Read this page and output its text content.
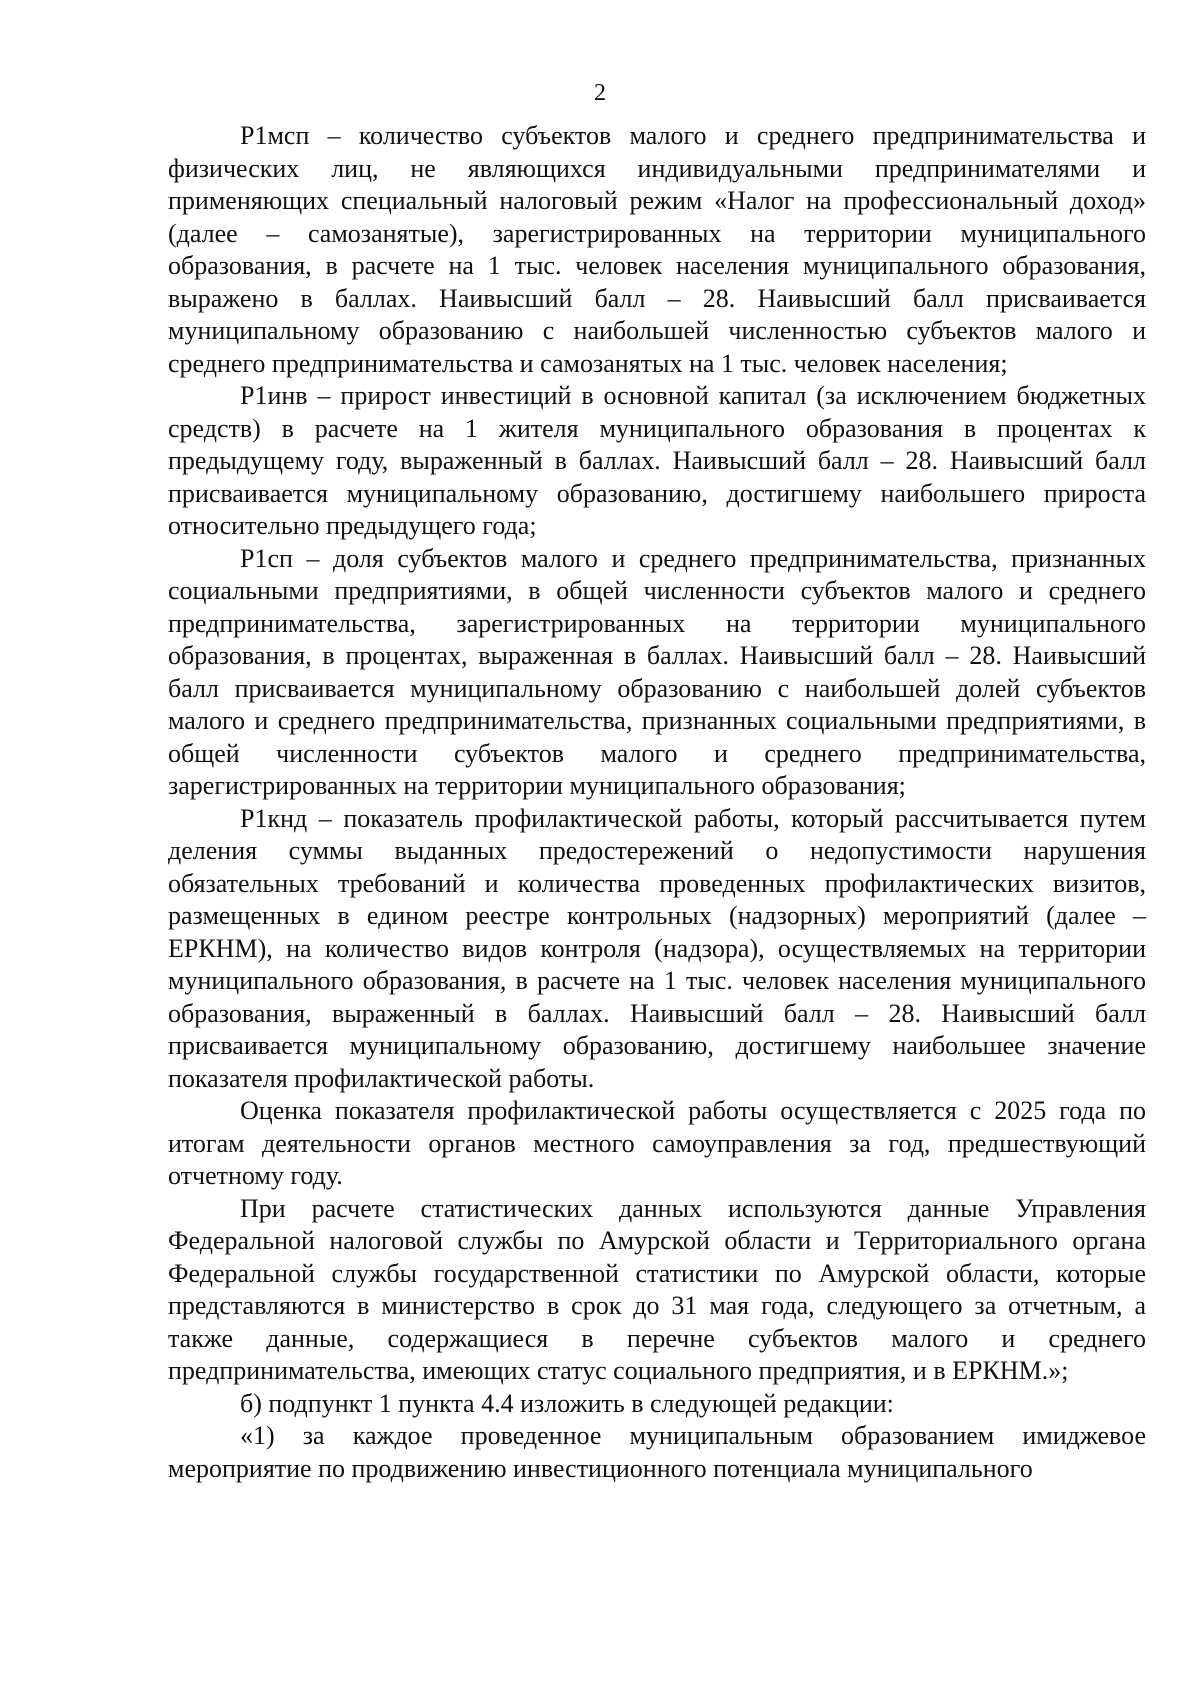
2

Р1мсп – количество субъектов малого и среднего предпринимательства и физических лиц, не являющихся индивидуальными предпринимателями и применяющих специальный налоговый режим «Налог на профессиональный доход» (далее – самозанятые), зарегистрированных на территории муниципального образования, в расчете на 1 тыс. человек населения муниципального образования, выражено в баллах. Наивысший балл – 28. Наивысший балл присваивается муниципальному образованию с наибольшей численностью субъектов малого и среднего предпринимательства и самозанятых на 1 тыс. человек населения;

Р1инв – прирост инвестиций в основной капитал (за исключением бюджетных средств) в расчете на 1 жителя муниципального образования в процентах к предыдущему году, выраженный в баллах. Наивысший балл – 28. Наивысший балл присваивается муниципальному образованию, достигшему наибольшего прироста относительно предыдущего года;

Р1сп – доля субъектов малого и среднего предпринимательства, признанных социальными предприятиями, в общей численности субъектов малого и среднего предпринимательства, зарегистрированных на территории муниципального образования, в процентах, выраженная в баллах. Наивысший балл – 28. Наивысший балл присваивается муниципальному образованию с наибольшей долей субъектов малого и среднего предпринимательства, признанных социальными предприятиями, в общей численности субъектов малого и среднего предпринимательства, зарегистрированных на территории муниципального образования;

Р1кнд – показатель профилактической работы, который рассчитывается путем деления суммы выданных предостережений о недопустимости нарушения обязательных требований и количества проведенных профилактических визитов, размещенных в едином реестре контрольных (надзорных) мероприятий (далее – ЕРКНМ), на количество видов контроля (надзора), осуществляемых на территории муниципального образования, в расчете на 1 тыс. человек населения муниципального образования, выраженный в баллах. Наивысший балл – 28. Наивысший балл присваивается муниципальному образованию, достигшему наибольшее значение показателя профилактической работы.

Оценка показателя профилактической работы осуществляется с 2025 года по итогам деятельности органов местного самоуправления за год, предшествующий отчетному году.

При расчете статистических данных используются данные Управления Федеральной налоговой службы по Амурской области и Территориального органа Федеральной службы государственной статистики по Амурской области, которые представляются в министерство в срок до 31 мая года, следующего за отчетным, а также данные, содержащиеся в перечне субъектов малого и среднего предпринимательства, имеющих статус социального предприятия, и в ЕРКНМ.»;

б) подпункт 1 пункта 4.4 изложить в следующей редакции:

«1) за каждое проведенное муниципальным образованием имиджевое мероприятие по продвижению инвестиционного потенциала муниципального
